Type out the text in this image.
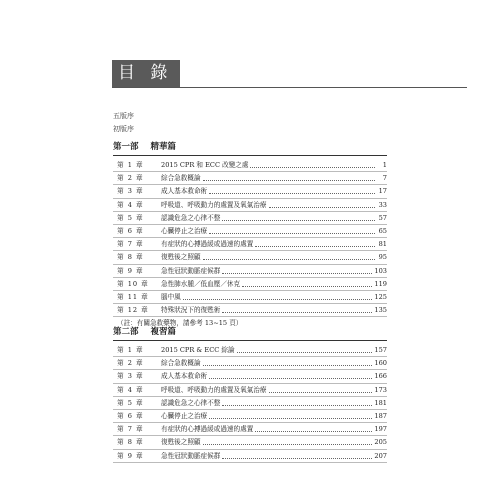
目 錄
五版序
初版序
第一部 精華篇
第 1 章	2015 CPR 和 ECC 改變之處	1
第 2 章	綜合急救概論	7
第 3 章	成人基本救命術	17
第 4 章	呼吸道、呼吸動力的處置及氧氣治療	33
第 5 章	認識危急之心律不整	57
第 6 章	心臟停止之治療	65
第 7 章	有症狀的心搏過緩或過速的處置	81
第 8 章	復甦後之照顧	95
第 9 章	急性冠狀動脈症候群	103
第 10 章	急性肺水腫／低血壓／休克	119
第 11 章	腦中風	125
第 12 章	特殊狀況下的復甦術	135
（註：有關急救藥物，請參考 13~15 頁）
第二部 複習篇
第 1 章	2015 CPR & ECC 綜論	157
第 2 章	綜合急救概論	160
第 3 章	成人基本救命術	166
第 4 章	呼吸道、呼吸動力的處置及氧氣治療	173
第 5 章	認識危急之心律不整	181
第 6 章	心臟停止之治療	187
第 7 章	有症狀的心搏過緩或過速的處置	197
第 8 章	復甦後之照顧	205
第 9 章	急性冠狀動脈症候群	207
